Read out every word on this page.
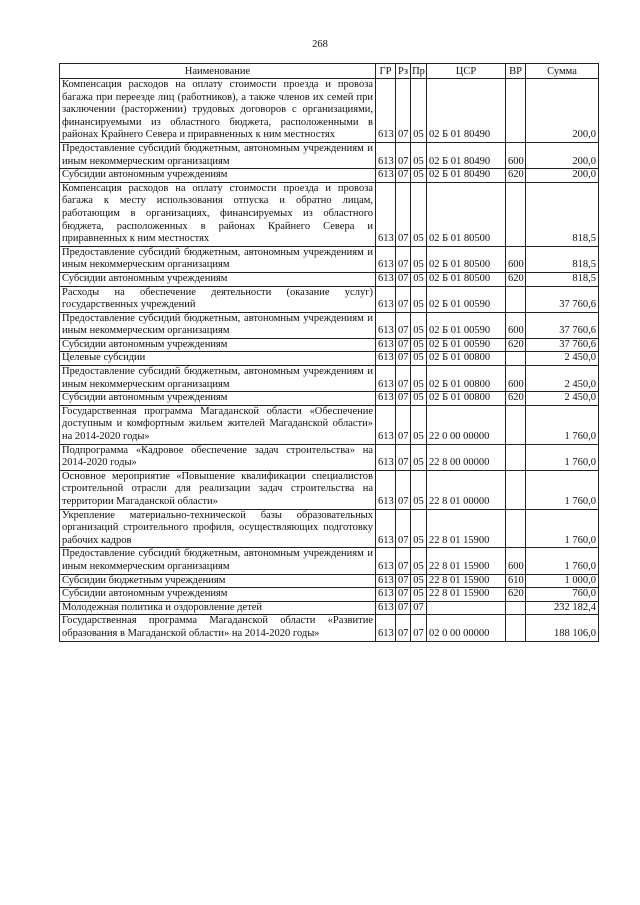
268
Наименование	ГР	Рз	Пр	ЦСР	ВР	Сумма
Компенсация расходов на оплату стоимости проезда и провоза багажа при переезде лиц (работников), а также членов их семей при заключении (расторжении) трудовых договоров с организациями, финансируемыми из областного бюджета, расположенными в районах Крайнего Севера и приравненных к ним местностях	613	07	05	02 Б 01 80490		200,0
Предоставление субсидий бюджетным, автономным учреждениям и иным некоммерческим организациям	613	07	05	02 Б 01 80490	600	200,0
Субсидии автономным учреждениям	613	07	05	02 Б 01 80490	620	200,0
Компенсация расходов на оплату стоимости проезда и провоза багажа к месту использования отпуска и обратно лицам, работающим в организациях, финансируемых из областного бюджета, расположенных в районах Крайнего Севера и приравненных к ним местностях	613	07	05	02 Б 01 80500		818,5
Предоставление субсидий бюджетным, автономным учреждениям и иным некоммерческим организациям	613	07	05	02 Б 01 80500	600	818,5
Субсидии автономным учреждениям	613	07	05	02 Б 01 80500	620	818,5
Расходы на обеспечение деятельности (оказание услуг) государственных учреждений	613	07	05	02 Б 01 00590		37 760,6
Предоставление субсидий бюджетным, автономным учреждениям и иным некоммерческим организациям	613	07	05	02 Б 01 00590	600	37 760,6
Субсидии автономным учреждениям	613	07	05	02 Б 01 00590	620	37 760,6
Целевые субсидии	613	07	05	02 Б 01 00800		2 450,0
Предоставление субсидий бюджетным, автономным учреждениям и иным некоммерческим организациям	613	07	05	02 Б 01 00800	600	2 450,0
Субсидии автономным учреждениям	613	07	05	02 Б 01 00800	620	2 450,0
Государственная программа Магаданской области «Обеспечение доступным и комфортным жильем жителей Магаданской области» на 2014-2020 годы»	613	07	05	22 0 00 00000		1 760,0
Подпрограмма «Кадровое обеспечение задач строительства» на 2014-2020 годы»	613	07	05	22 8 00 00000		1 760,0
Основное мероприятие «Повышение квалификации специалистов строительной отрасли для реализации задач строительства на территории Магаданской области»	613	07	05	22 8 01 00000		1 760,0
Укрепление материально-технической базы образовательных организаций строительного профиля, осуществляющих подготовку рабочих кадров	613	07	05	22 8 01 15900		1 760,0
Предоставление субсидий бюджетным, автономным учреждениям и иным некоммерческим организациям	613	07	05	22 8 01 15900	600	1 760,0
Субсидии бюджетным учреждениям	613	07	05	22 8 01 15900	610	1 000,0
Субсидии автономным учреждениям	613	07	05	22 8 01 15900	620	760,0
Молодежная политика и оздоровление детей	613	07	07			232 182,4
Государственная программа Магаданской области «Развитие образования в Магаданской области» на 2014-2020 годы»	613	07	07	02 0 00 00000		188 106,0
